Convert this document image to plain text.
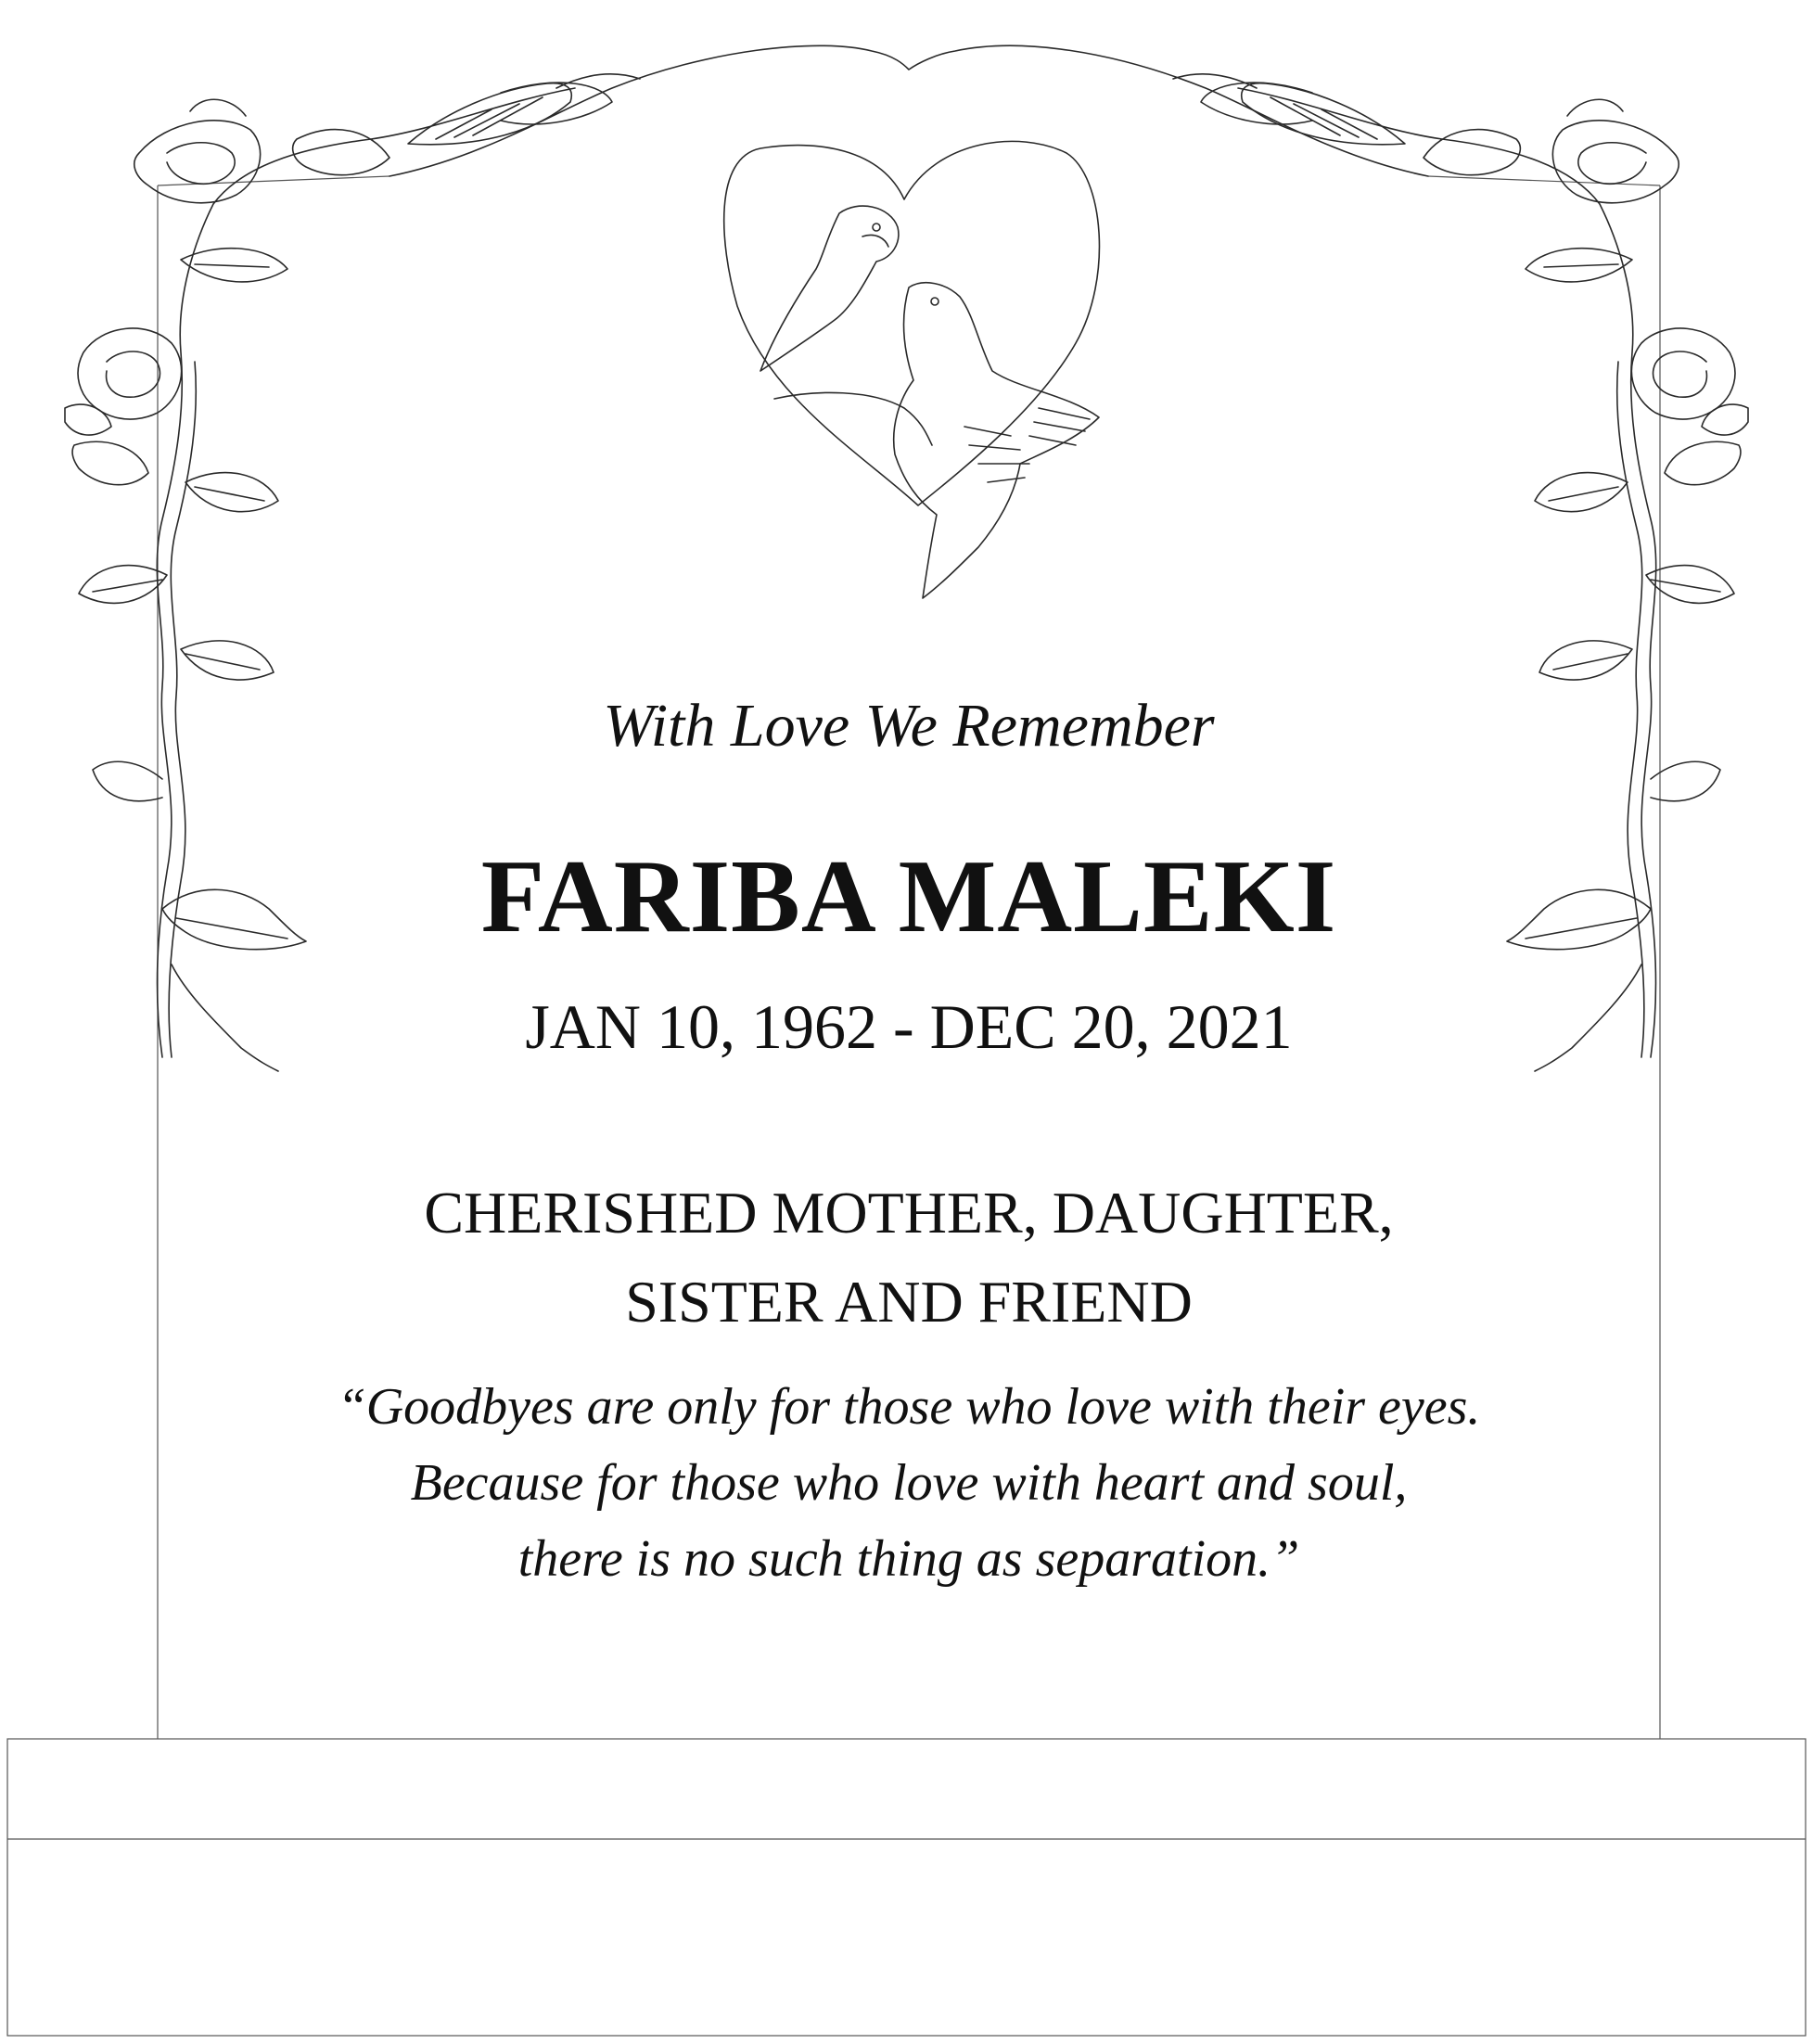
With Love We Remember

FARIBA MALEKI

JAN 10, 1962 - DEC 20, 2021

CHERISHED MOTHER, DAUGHTER,
SISTER AND FRIEND
“Goodbyes are only for those who love with their eyes.
Because for those who love with heart and soul,
there is no such thing as separation.”
